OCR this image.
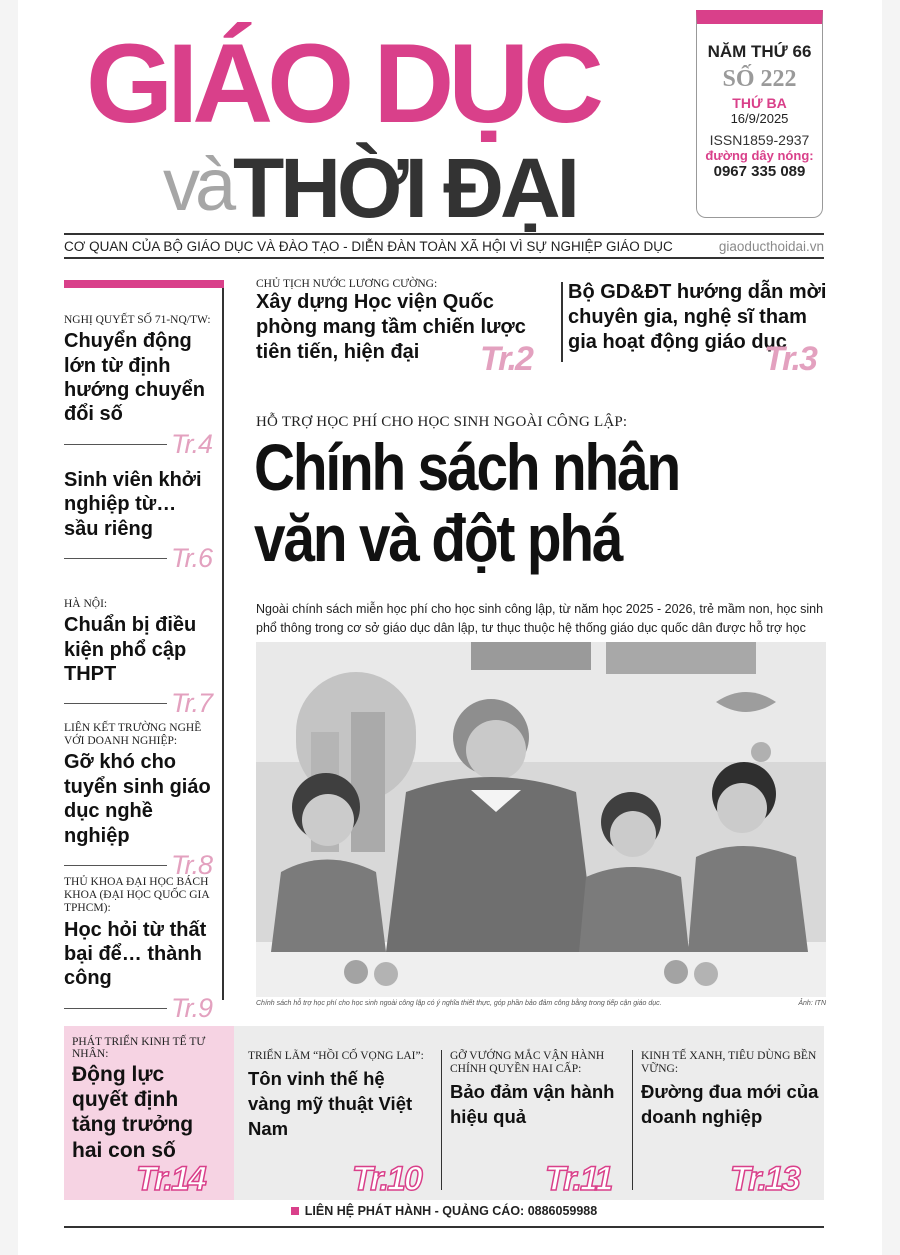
GIÁO DỤC
và THỜI ĐẠI
NĂM THỨ 66
SỐ 222
THỨ BA
16/9/2025
ISSN1859-2937
đường dây nóng:
0967 335 089
CƠ QUAN CỦA BỘ GIÁO DỤC VÀ ĐÀO TẠO - DIỄN ĐÀN TOÀN XÃ HỘI VÌ SỰ NGHIỆP GIÁO DỤC	giaoducthoidai.vn
CHỦ TỊCH NƯỚC LƯƠNG CƯỜNG:
Xây dựng Học viện Quốc phòng mang tầm chiến lược tiên tiến, hiện đại	Tr.2
Bộ GD&ĐT hướng dẫn mời chuyên gia, nghệ sĩ tham gia hoạt động giáo dục
Tr.3
NGHỊ QUYẾT SỐ 71-NQ/TW:
Chuyển động lớn từ định hướng chuyển đổi số
Tr.4
Sinh viên khởi nghiệp từ… sầu riêng
Tr.6
HÀ NỘI:
Chuẩn bị điều kiện phổ cập THPT
Tr.7
LIÊN KẾT TRƯỜNG NGHỀ VỚI DOANH NGHIỆP:
Gỡ khó cho tuyển sinh giáo dục nghề nghiệp
Tr.8
THỦ KHOA ĐẠI HỌC BÁCH KHOA (ĐẠI HỌC QUỐC GIA TPHCM):
Học hỏi từ thất bại để… thành công
Tr.9
HỖ TRỢ HỌC PHÍ CHO HỌC SINH NGOÀI CÔNG LẬP:
Chính sách nhân văn và đột phá
Ngoài chính sách miễn học phí cho học sinh công lập, từ năm học 2025 - 2026, trẻ mầm non, học sinh phổ thông trong cơ sở giáo dục dân lập, tư thục thuộc hệ thống giáo dục quốc dân được hỗ trợ học
Chính sách hỗ trợ học phí cho học sinh ngoài công lập có ý nghĩa thiết thực, góp phần bảo đảm công bằng trong tiếp cận giáo dục.	Ảnh: ITN
PHÁT TRIỂN KINH TẾ TƯ NHÂN:
Động lực quyết định tăng trưởng hai con số
Tr.14
TRIỂN LÃM “HỒI CỐ VỌNG LAI”:
Tôn vinh thế hệ vàng mỹ thuật Việt Nam
Tr.10
GỠ VƯỚNG MẮC VẬN HÀNH CHÍNH QUYỀN HAI CẤP:
Bảo đảm vận hành hiệu quả
Tr.11
KINH TẾ XANH, TIÊU DÙNG BỀN VỮNG:
Đường đua mới của doanh nghiệp
Tr.13
LIÊN HỆ PHÁT HÀNH - QUẢNG CÁO: 0886059988
